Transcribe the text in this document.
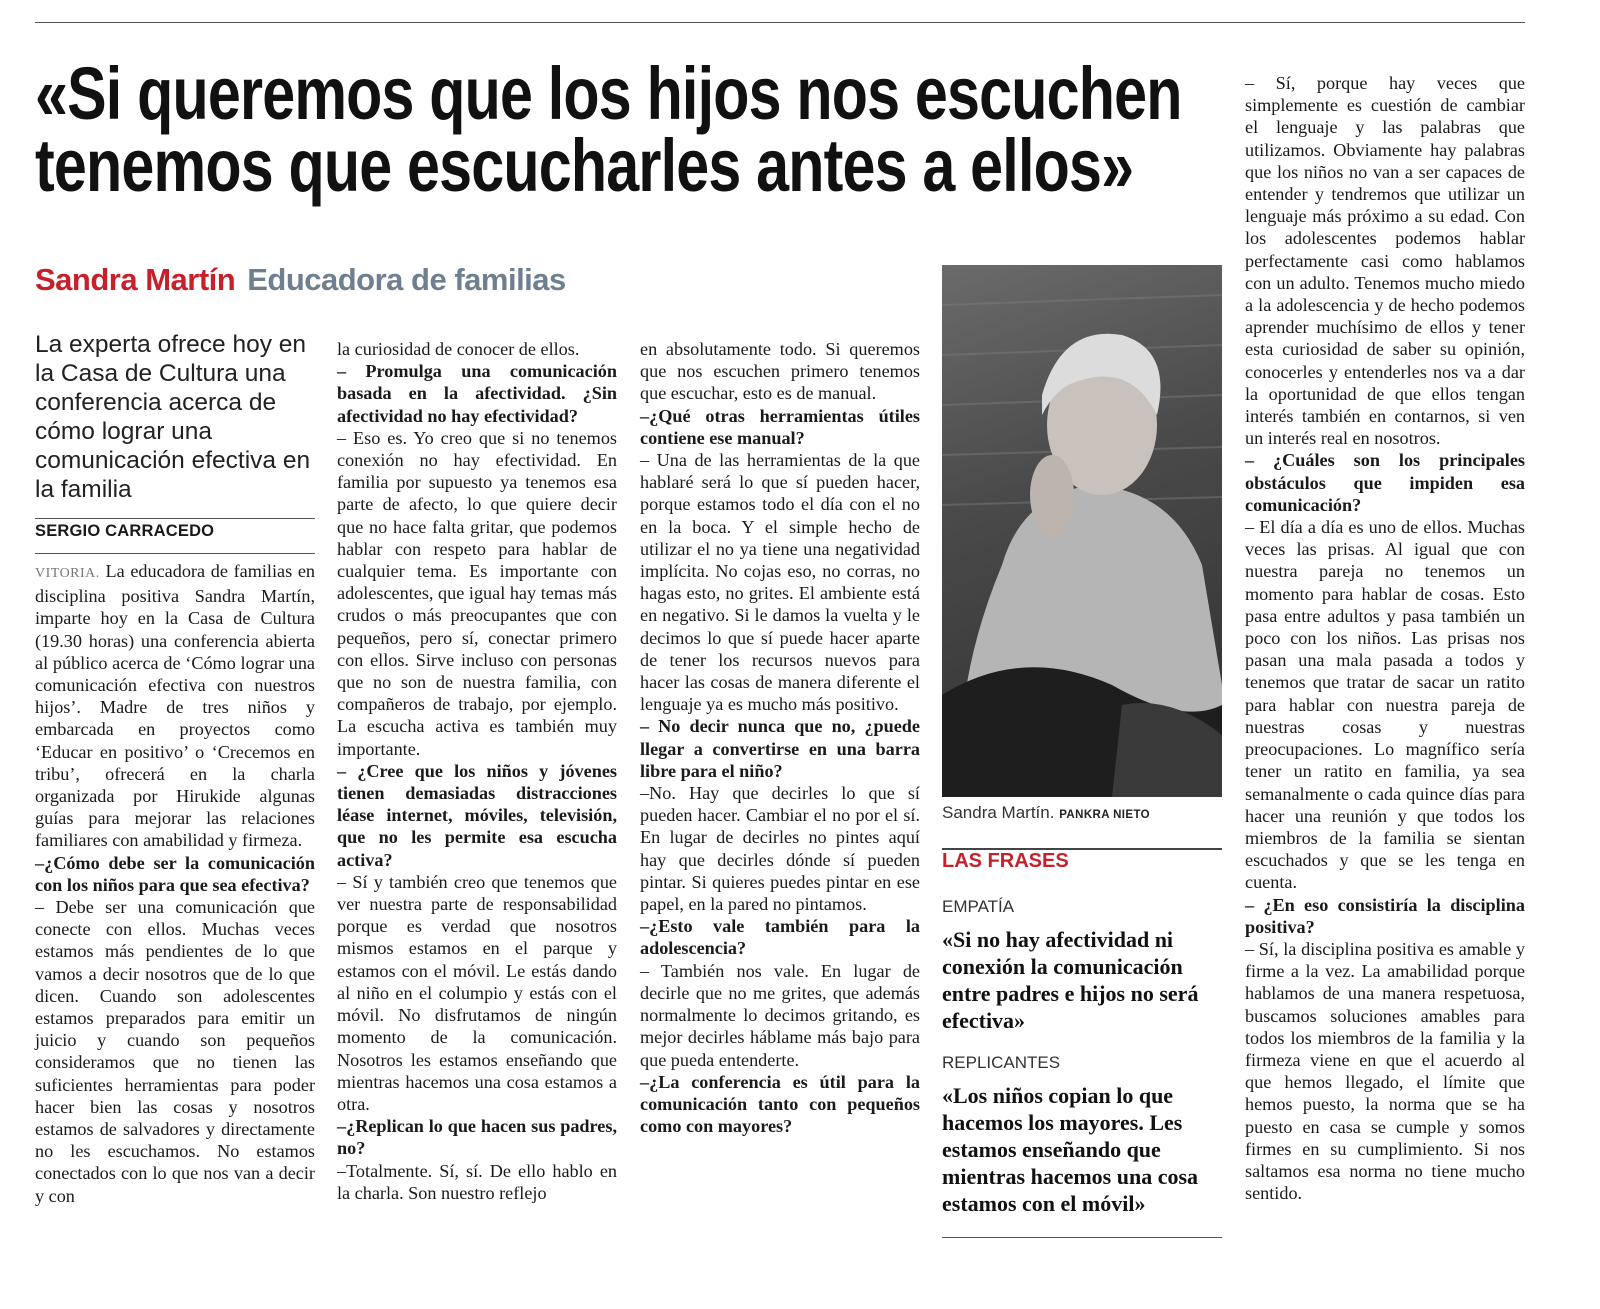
«Si queremos que los hijos nos escuchen
tenemos que escucharles antes a ellos»
Sandra Martín Educadora de familias
La experta ofrece hoy en la Casa de Cultura una conferencia acerca de cómo lograr una comunicación efectiva en la familia
SERGIO CARRACEDO

VITORIA. La educadora de familias en disciplina positiva Sandra Martín, imparte hoy en la Casa de Cultura (19.30 horas) una conferencia abierta al público acerca de ‘Cómo lograr una comunicación efectiva con nuestros hijos’. Madre de tres niños y embarcada en proyectos como ‘Educar en positivo’ o ‘Crecemos en tribu’, ofrecerá en la charla organizada por Hirukide algunas guías para mejorar las relaciones familiares con amabilidad y firmeza.

–¿Cómo debe ser la comunicación con los niños para que sea efectiva?

– Debe ser una comunicación que conecte con ellos. Muchas veces estamos más pendientes de lo que vamos a decir nosotros que de lo que dicen. Cuando son adolescentes estamos preparados para emitir un juicio y cuando son pequeños consideramos que no tienen las suficientes herramientas para poder hacer bien las cosas y nosotros estamos de salvadores y directamente no les escuchamos. No estamos conectados con lo que nos van a decir y con

la curiosidad de conocer de ellos.

– Promulga una comunicación basada en la afectividad. ¿Sin afectividad no hay efectividad?

– Eso es. Yo creo que si no tenemos conexión no hay efectividad. En familia por supuesto ya tenemos esa parte de afecto, lo que quiere decir que no hace falta gritar, que podemos hablar con respeto para hablar de cualquier tema. Es importante con adolescentes, que igual hay temas más crudos o más preocupantes que con pequeños, pero sí, conectar primero con ellos. Sirve incluso con personas que no son de nuestra familia, con compañeros de trabajo, por ejemplo. La escucha activa es también muy importante.

– ¿Cree que los niños y jóvenes tienen demasiadas distracciones léase internet, móviles, televisión, que no les permite esa escucha activa?

– Sí y también creo que tenemos que ver nuestra parte de responsabilidad porque es verdad que nosotros mismos estamos en el parque y estamos con el móvil. Le estás dando al niño en el columpio y estás con el móvil. No disfrutamos de ningún momento de la comunicación. Nosotros les estamos enseñando que mientras hacemos una cosa estamos a otra.

–¿Replican lo que hacen sus padres, no?

–Totalmente. Sí, sí. De ello hablo en la charla. Son nuestro reflejo

en absolutamente todo. Si queremos que nos escuchen primero tenemos que escuchar, esto es de manual.

–¿Qué otras herramientas útiles contiene ese manual?

– Una de las herramientas de la que hablaré será lo que sí pueden hacer, porque estamos todo el día con el no en la boca. Y el simple hecho de utilizar el no ya tiene una negatividad implícita. No cojas eso, no corras, no hagas esto, no grites. El ambiente está en negativo. Si le damos la vuelta y le decimos lo que sí puede hacer aparte de tener los recursos nuevos para hacer las cosas de manera diferente el lenguaje ya es mucho más positivo.

– No decir nunca que no, ¿puede llegar a convertirse en una barra libre para el niño?

–No. Hay que decirles lo que sí pueden hacer. Cambiar el no por el sí. En lugar de decirles no pintes aquí hay que decirles dónde sí pueden pintar. Si quieres puedes pintar en ese papel, en la pared no pintamos.

–¿Esto vale también para la adolescencia?

– También nos vale. En lugar de decirle que no me grites, que además normalmente lo decimos gritando, es mejor decirles háblame más bajo para que pueda entenderte.

–¿La conferencia es útil para la comunicación tanto con pequeños como con mayores?

– Sí, porque hay veces que simplemente es cuestión de cambiar el lenguaje y las palabras que utilizamos. Obviamente hay palabras que los niños no van a ser capaces de entender y tendremos que utilizar un lenguaje más próximo a su edad. Con los adolescentes podemos hablar perfectamente casi como hablamos con un adulto. Tenemos mucho miedo a la adolescencia y de hecho podemos aprender muchísimo de ellos y tener esta curiosidad de saber su opinión, conocerles y entenderles nos va a dar la oportunidad de que ellos tengan interés también en contarnos, si ven un interés real en nosotros.

– ¿Cuáles son los principales obstáculos que impiden esa comunicación?

– El día a día es uno de ellos. Muchas veces las prisas. Al igual que con nuestra pareja no tenemos un momento para hablar de cosas. Esto pasa entre adultos y pasa también un poco con los niños. Las prisas nos pasan una mala pasada a todos y tenemos que tratar de sacar un ratito para hablar con nuestra pareja de nuestras cosas y nuestras preocupaciones. Lo magnífico sería tener un ratito en familia, ya sea semanalmente o cada quince días para hacer una reunión y que todos los miembros de la familia se sientan escuchados y que se les tenga en cuenta.

– ¿En eso consistiría la disciplina positiva?

– Sí, la disciplina positiva es amable y firme a la vez. La amabilidad porque hablamos de una manera respetuosa, buscamos soluciones amables para todos los miembros de la familia y la firmeza viene en que el acuerdo al que hemos llegado, el límite que hemos puesto, la norma que se ha puesto en casa se cumple y somos firmes en su cumplimiento. Si nos saltamos esa norma no tiene mucho sentido.

Sandra Martín. PANKRA NIETO
LAS FRASES
EMPATÍA
«Si no hay afectividad ni conexión la comunicación entre padres e hijos no será efectiva»
REPLICANTES
«Los niños copian lo que hacemos los mayores. Les estamos enseñando que mientras hacemos una cosa estamos con el móvil»
